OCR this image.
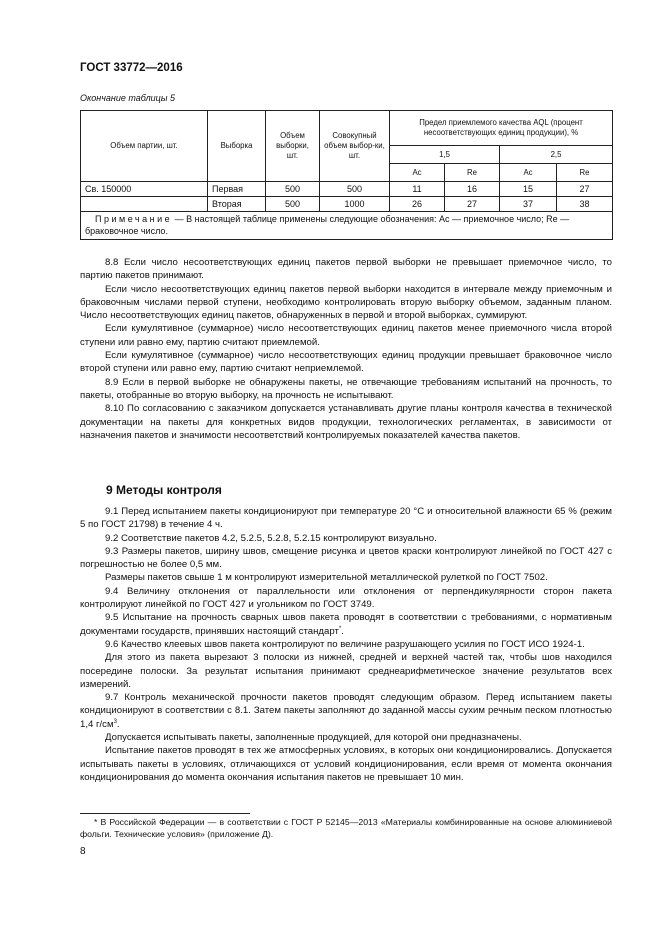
ГОСТ 33772—2016
Окончание таблицы 5
Объем партии, шт.	Выборка	Объем выборки, шт.	Совокупный объем выбор-ки, шт.	Предел приемлемого качества AQL (процент несоответствующих единиц продукции), %			
				1,5		2,5	
				Ac	Re	Ac	Re
Св. 150000	Первая	500	500	11	16	15	27
	Вторая	500	1000	26	27	37	38
Примечание — В настоящей таблице применены следующие обозначения: Ac — приемочное число; Re — браковочное число.							

8.8 Если число несоответствующих единиц пакетов первой выборки не превышает приемочное число, то партию пакетов принимают.

Если число несоответствующих единиц пакетов первой выборки находится в интервале между приемочным и браковочным числами первой ступени, необходимо контролировать вторую выборку объемом, заданным планом. Число несоответствующих единиц пакетов, обнаруженных в первой и второй выборках, суммируют.

Если кумулятивное (суммарное) число несоответствующих единиц пакетов менее приемочного числа второй ступени или равно ему, партию считают приемлемой.

Если кумулятивное (суммарное) число несоответствующих единиц продукции превышает браковочное число второй ступени или равно ему, партию считают неприемлемой.

8.9 Если в первой выборке не обнаружены пакеты, не отвечающие требованиям испытаний на прочность, то пакеты, отобранные во вторую выборку, на прочность не испытывают.

8.10 По согласованию с заказчиком допускается устанавливать другие планы контроля качества в технической документации на пакеты для конкретных видов продукции, технологических регламентах, в зависимости от назначения пакетов и значимости несоответствий контролируемых показателей качества пакетов.

9 Методы контроля

9.1 Перед испытанием пакеты кондиционируют при температуре 20 °С и относительной влажности 65 % (режим 5 по ГОСТ 21798) в течение 4 ч.

9.2 Соответствие пакетов 4.2, 5.2.5, 5.2.8, 5.2.15 контролируют визуально.

9.3 Размеры пакетов, ширину швов, смещение рисунка и цветов краски контролируют линейкой по ГОСТ 427 с погрешностью не более 0,5 мм.

Размеры пакетов свыше 1 м контролируют измерительной металлической рулеткой по ГОСТ 7502.

9.4 Величину отклонения от параллельности или отклонения от перпендикулярности сторон пакета контролируют линейкой по ГОСТ 427 и угольником по ГОСТ 3749.

9.5 Испытание на прочность сварных швов пакета проводят в соответствии с требованиями, с нормативным документами государств, принявших настоящий стандарт*.

9.6 Качество клеевых швов пакета контролируют по величине разрушающего усилия по ГОСТ ИСО 1924-1.

Для этого из пакета вырезают 3 полоски из нижней, средней и верхней частей так, чтобы шов находился посередине полоски. За результат испытания принимают среднеарифметическое значение результатов всех измерений.

9.7 Контроль механической прочности пакетов проводят следующим образом. Перед испытанием пакеты кондиционируют в соответствии с 8.1. Затем пакеты заполняют до заданной массы сухим речным песком плотностью 1,4 $г/см^3$.

Допускается испытывать пакеты, заполненные продукцией, для которой они предназначены.

Испытание пакетов проводят в тех же атмосферных условиях, в которых они кондиционировались. Допускается испытывать пакеты в условиях, отличающихся от условий кондиционирования, если время от момента окончания кондиционирования до момента окончания испытания пакетов не превышает 10 мин.

* В Российской Федерации — в соответствии с ГОСТ Р 52145—2013 «Материалы комбинированные на основе алюминиевой фольги. Технические условия» (приложение Д).

8
